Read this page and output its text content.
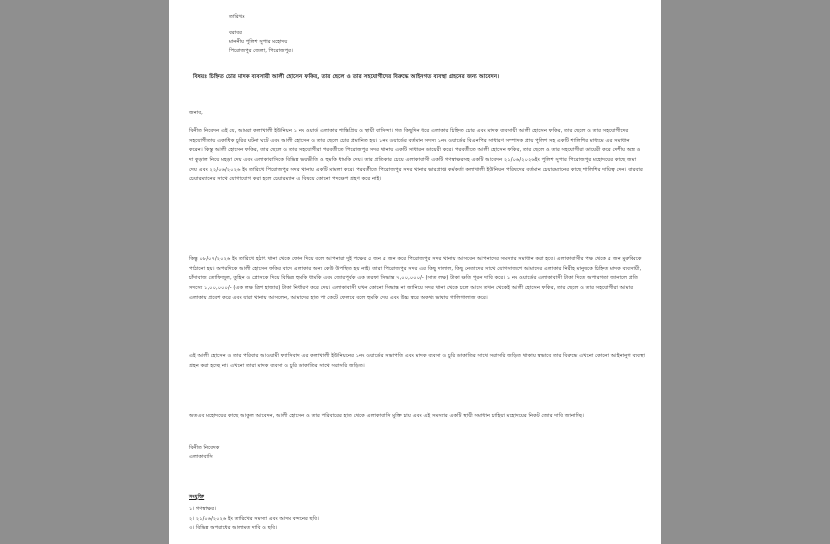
তারিখঃ
বরাবর
মাননীয় পুলিশ সুপার মহোদয়
পিরোজপুর জেলা, পিরোজপুর।
বিষয়ঃ চিহ্নিত চোর মাদক ব্যবসায়ী আলী হোসেন ফকির, তার ছেলে ও তার সহযোগীদের বিরুদ্ধে আইনগত ব্যবস্থা গ্রহনের জন্য আবেদন।
জনাব,
বিনীত নিবেদন এই যে, আমরা কলাখালী ইউনিয়ন ১ নং ওয়ার্ড এলাকার শান্তিপ্রিয় ও স্থায়ী বাসিন্দা। গত কিছুদিন ধরে এলাকার চিহ্নিত চোর এবং মাদক ব্যবসায়ী আলী হোসেন ফকির, তার ছেলে ও তার সহযোগীদের সহযোগীতায় একাধিক চুরির ঘটনা ঘটে এবং আলী হোসেন ও তার ছেলে চোর প্রমানিত হয়। ১নং ওয়ার্ডের বর্তমান সদস্য ১নং ওয়ার্ডের বিএনপির সাধারণ সম্পাদক প্রায় পুলিশ সহ একটি শালিশির মাধ্যমে এর সমাধান করেন। কিন্তু আলী হোসেন ফকির, তার ছেলে ও তার সহযোগীরা পরবর্তীতে পিরোজপুর সদর থানায় একটি সাধারন ডায়েরী করে। পরবর্তীতে আলী হোসেন ফকির, তার ছেলে ও তার সহযোগীরা ডায়েরী করে দেশীয় অস্ত্র ও দা কুড়াল নিয়ে মহড়া দেয় এবং এলাকাবাসিকে বিভিন্ন ভয়ভীতি ও হুমকি ধামকি দেয়। তার প্রতিকার চেয়ে এলাকাবাসী একটি গণস্বাক্ষরসহ একটি আবেদন ২১/০৬/২০২৬ইং পুলিশ সুপার পিরোজপুর মহোদয়ের কাছে জমা দেয় এবং ২২/০৬/২০২৬ ইং তারিখে পিরোজপুর সদর থানায় একটি মামলা করে। পরবর্তীতে পিরোজপুর সদর থানার ভারপ্রাপ্ত কর্মকর্তা কলাখালী ইউনিয়ন পরিষদের বর্তমান চেয়ারম্যানের কাছে শালিশির দায়িত্ব দেন। বারবার চেয়ারম্যানের সাথে যোগাযোগ করা হলে চেয়ারম্যান এ বিষয়ে কোনো পদক্ষেপ গ্রহণ করে নাই।
কিন্তু ০৮/০৭/২০২৬ ইং তারিখে হঠাৎ থানা থেকে ফোন দিয়ে বলে আপনারা দুই পক্ষের ৫ জন ৫ জন করে পিরোজপুর সদর থানায় আসবেন আপনাদের সমস্যার সমাধান করা হবে। এলাকাবাসীর পক্ষ থেকে ৫ জন মুরুব্বিকে পাঠানো হয়। অপরদিকে আলী হোসেন ফকির বাদে এলাকার অন্য কেউ উপস্থিত হয় নাই। তারা পিরোজপুর সদর এর কিছু দালাল, কিছু নেতাদের সাথে যোগসাজশে আমাদের এলাকার নিরীহ মানুষকে চিহ্নিত মাদক ব্যবসায়ী, চাঁদাবাজ তোফিজুল, তুহিন ও প্লোসকে দিয়ে বিভিন্ন হুমকি ধামকি এবং জোরপূর্বক এক তরফা সিদ্ধান্ত ৭,০০,০০০/- (সাত লক্ষ) টাকা ক্ষতি পূরন দাবি করে। ১ নং ওয়ার্ডের এলাকাবাসী টাকা দিতে অপারগতা জানালে প্রতি সদস্যে ১,০০,০০০/- (এক লক্ষ ত্রিশ হাজার) টাকা নির্ধারণ করে দেয়। এলাকাবাসী যখন কোনো সিদ্ধান্ত না জানিয়ে সদর থানা থেকে চলে আসে তখন থেকেই আলী হোসেন ফকির, তার ছেলে ও তার সহযোগীরা আমার এলাকায় প্রবেশ করে এবং যারা থানায় আসলেন, আমাদের হাত পা কেটে ফেলবে বলে হুমকি দেয় এবং উচ্চ স্বরে অকথ্য ভাষায় গালিগালাজ করে।
এই আলী হোসেন ও তার পরিবার আওয়ামী ফ্যাসিবাদ এর কলাখালী ইউনিয়নের ১নং ওয়ার্ডের সভাপতি এবং মাদক ব্যবসা ও চুরি ডাকাতির সাথে সরাসরি জড়িত থাকায় স্বভাবে তার বিরুদ্ধে এখনো কোনো আইনানুগ ব্যবস্থা গ্রহন করা হচ্ছে না। এখনো তারা মাদক ব্যবসা ও চুরি ডাকাতির সাথে সরাসরি জড়িত।
অতএব মহোদয়ের কাছে আকুল আবেদন, আলী হোসেন ও তার পরিবারের হাত থেকে এলাকাবাসি মুক্তি চায় এবং এই সমস্যার একটি স্থায়ী সমাধান চাহিয়া মহোদয়ের নিকট জোর দাবি জানাচ্ছি।
বিনীত নিবেদক
এলাকাবাসি
সংযুক্তি
১। গণস্বাক্ষর।
২। ২১/০৬/২০২৬ ইং তারিখের সমস্যা এবং আদম বন্দনের ছবি।
৩। বিভিন্ন অপরাধের আলামত দাবি ও ছবি।
